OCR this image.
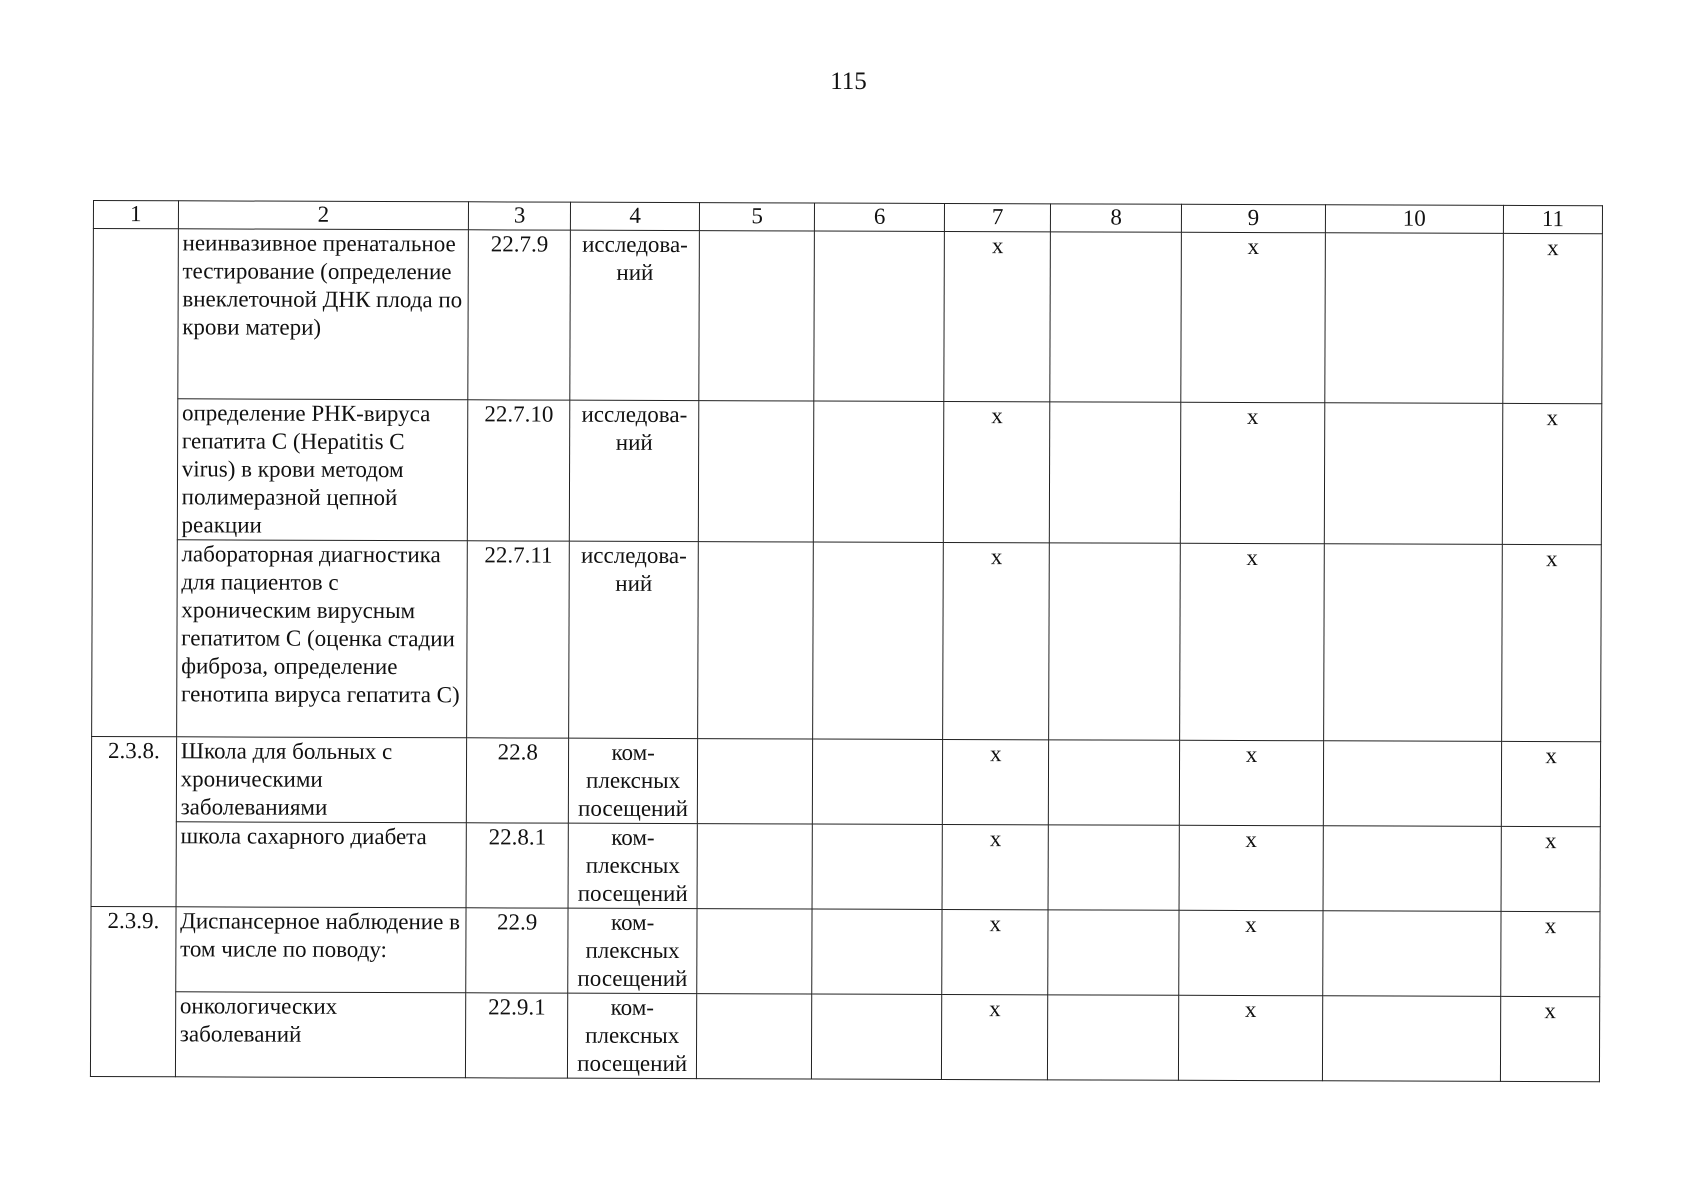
115
1	2	3	4	5	6	7	8	9	10	11
	неинвазивное пренатальное тестирование (определение внеклеточной ДНК плода по крови матери)	22.7.9	исследова-ний			x		x		x
	определение РНК-вируса гепатита С (Hepatitis C virus) в крови методом полимеразной цепной реакции	22.7.10	исследова-ний			x		x		x
	лабораторная диагностика для пациентов с хроническим вирусным гепатитом С (оценка стадии фиброза, определение генотипа вируса гепатита С)	22.7.11	исследова-ний			x		x		x
2.3.8.	Школа для больных с хроническими заболеваниями	22.8	ком-плексных посещений			x		x		x
	школа сахарного диабета	22.8.1	ком-плексных посещений			x		x		x
2.3.9.	Диспансерное наблюдение в том числе по поводу:	22.9	ком-плексных посещений			x		x		x
	онкологических заболеваний	22.9.1	ком-плексных посещений			x		x		x
